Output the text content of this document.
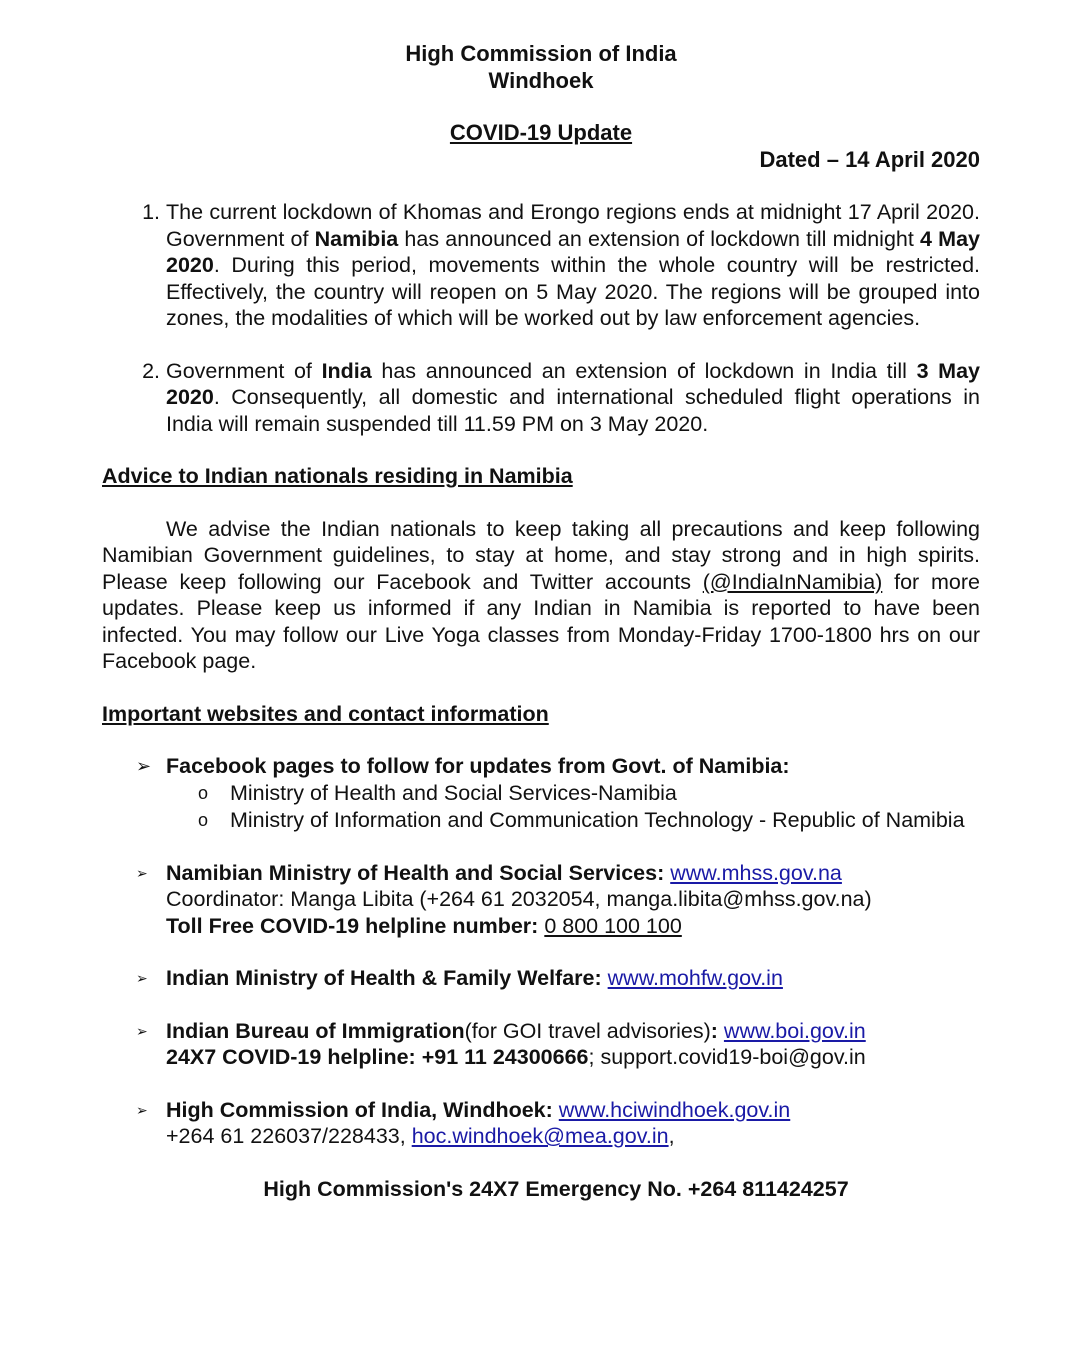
High Commission of India
Windhoek
COVID-19 Update
Dated – 14 April 2020
1. The current lockdown of Khomas and Erongo regions ends at midnight 17 April 2020. Government of Namibia has announced an extension of lockdown till midnight 4 May 2020. During this period, movements within the whole country will be restricted. Effectively, the country will reopen on 5 May 2020. The regions will be grouped into zones, the modalities of which will be worked out by law enforcement agencies.
2. Government of India has announced an extension of lockdown in India till 3 May 2020. Consequently, all domestic and international scheduled flight operations in India will remain suspended till 11.59 PM on 3 May 2020.
Advice to Indian nationals residing in Namibia
We advise the Indian nationals to keep taking all precautions and keep following Namibian Government guidelines, to stay at home, and stay strong and in high spirits. Please keep following our Facebook and Twitter accounts (@IndiaInNamibia) for more updates. Please keep us informed if any Indian in Namibia is reported to have been infected. You may follow our Live Yoga classes from Monday-Friday 1700-1800 hrs on our Facebook page.
Important websites and contact information
➢ Facebook pages to follow for updates from Govt. of Namibia:
o Ministry of Health and Social Services-Namibia
o Ministry of Information and Communication Technology - Republic of Namibia
➢ Namibian Ministry of Health and Social Services: www.mhss.gov.na
Coordinator: Manga Libita (+264 61 2032054, manga.libita@mhss.gov.na)
Toll Free COVID-19 helpline number: 0 800 100 100
➢ Indian Ministry of Health & Family Welfare: www.mohfw.gov.in
➢ Indian Bureau of Immigration(for GOI travel advisories): www.boi.gov.in
24X7 COVID-19 helpline: +91 11 24300666; support.covid19-boi@gov.in
➢ High Commission of India, Windhoek: www.hciwindhoek.gov.in
+264 61 226037/228433, hoc.windhoek@mea.gov.in,
High Commission's 24X7 Emergency No. +264 811424257
